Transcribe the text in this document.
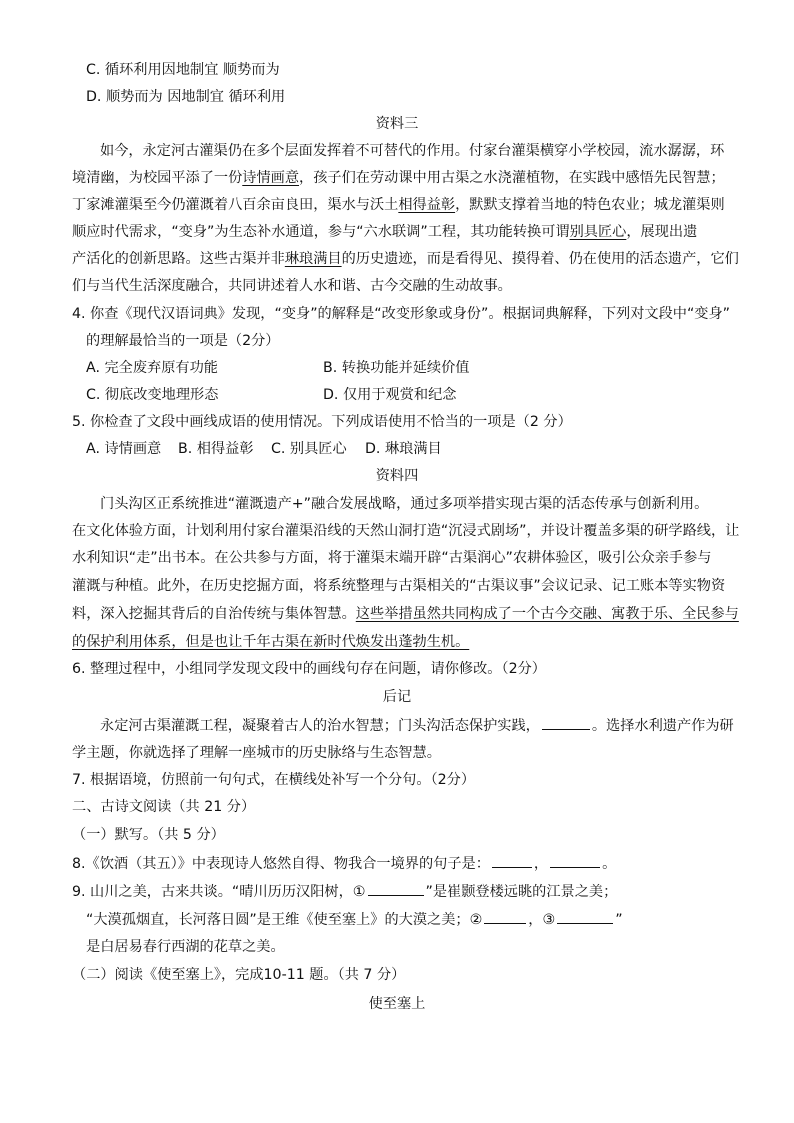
C. 循环利用因地制宜 顺势而为
D. 顺势而为 因地制宜 循环利用
资料三
如今，永定河古灌渠仍在多个层面发挥着不可替代的作用。付家台灌渠横穿小学校园，流水潺潺，环
境清幽，为校园平添了一份诗情画意，孩子们在劳动课中用古渠之水浇灌植物，在实践中感悟先民智慧；
丁家滩灌渠至今仍灌溉着八百余亩良田，渠水与沃土相得益彰，默默支撑着当地的特色农业；城龙灌渠则
顺应时代需求，“变身”为生态补水通道，参与“六水联调”工程，其功能转换可谓别具匠心，展现出遗
产活化的创新思路。这些古渠并非琳琅满目的历史遗迹，而是看得见、摸得着、仍在使用的活态遗产，它们
们与当代生活深度融合，共同讲述着人水和谐、古今交融的生动故事。
4. 你查《现代汉语词典》发现，“变身”的解释是“改变形象或身份”。根据词典解释，下列对文段中“变身”
的理解最恰当的一项是（2分）
A. 完全废弃原有功能	B. 转换功能并延续价值
C. 彻底改变地理形态	D. 仅用于观赏和纪念
5. 你检查了文段中画线成语的使用情况。下列成语使用不恰当的一项是（2 分）
A. 诗情画意 B. 相得益彰 C. 别具匠心 D. 琳琅满目
资料四
门头沟区正系统推进“灌溉遗产+”融合发展战略，通过多项举措实现古渠的活态传承与创新利用。
在文化体验方面，计划利用付家台灌渠沿线的天然山洞打造“沉浸式剧场”，并设计覆盖多渠的研学路线，让
水利知识“走”出书本。在公共参与方面，将于灌渠末端开辟“古渠润心”农耕体验区，吸引公众亲手参与
灌溉与种植。此外，在历史挖掘方面，将系统整理与古渠相关的“古渠议事”会议记录、记工账本等实物资
料，深入挖掘其背后的自治传统与集体智慧。这些举措虽然共同构成了一个古今交融、寓教于乐、全民参与
的保护利用体系，但是也让千年古渠在新时代焕发出蓬勃生机。
6. 整理过程中，小组同学发现文段中的画线句存在问题，请你修改。（2分）
后记
永定河古渠灌溉工程，凝聚着古人的治水智慧；门头沟活态保护实践，	。选择水利遗产作为研
学主题，你就选择了理解一座城市的历史脉络与生态智慧。
7. 根据语境，仿照前一句句式，在横线处补写一个分句。（2分）
二、古诗文阅读（共 21 分）
（一）默写。（共 5 分）
8.《饮酒（其五）》中表现诗人悠然自得、物我合一境界的句子是：	，	。
9. 山川之美，古来共谈。“晴川历历汉阳树，①	”是崔颢登楼远眺的江景之美；
“大漠孤烟直，长河落日圆”是王维《使至塞上》的大漠之美；②	，③	”
是白居易春行西湖的花草之美。
（二）阅读《使至塞上》，完成10-11 题。（共 7 分）
使至塞上
